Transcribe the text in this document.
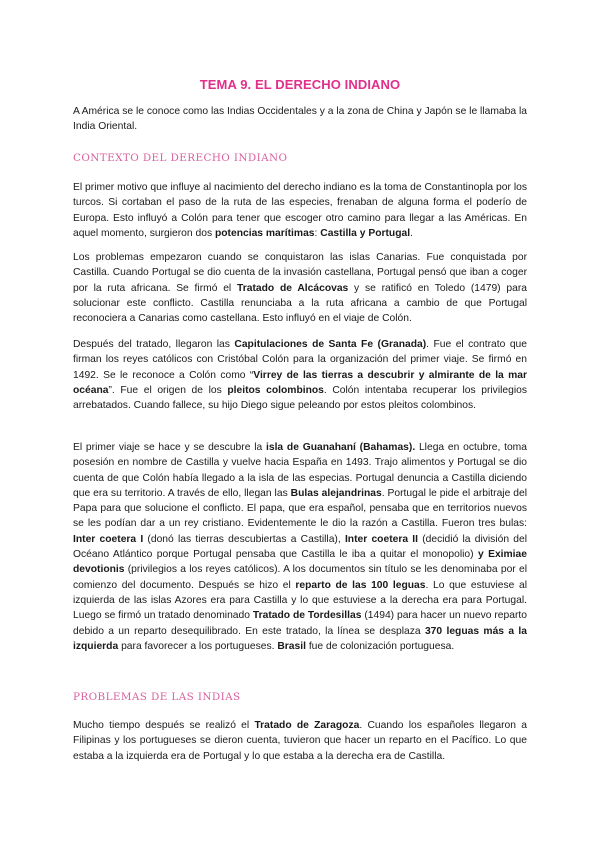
TEMA 9. EL DERECHO INDIANO

A América se le conoce como las Indias Occidentales y a la zona de China y Japón se le llamaba la India Oriental.

CONTEXTO DEL DERECHO INDIANO

El primer motivo que influye al nacimiento del derecho indiano es la toma de Constantinopla por los turcos. Si cortaban el paso de la ruta de las especies, frenaban de alguna forma el poderío de Europa. Esto influyó a Colón para tener que escoger otro camino para llegar a las Américas. En aquel momento, surgieron dos potencias marítimas: Castilla y Portugal.

Los problemas empezaron cuando se conquistaron las islas Canarias. Fue conquistada por Castilla. Cuando Portugal se dio cuenta de la invasión castellana, Portugal pensó que iban a coger por la ruta africana. Se firmó el Tratado de Alcácovas y se ratificó en Toledo (1479) para solucionar este conflicto. Castilla renunciaba a la ruta africana a cambio de que Portugal reconociera a Canarias como castellana. Esto influyó en el viaje de Colón.

Después del tratado, llegaron las Capitulaciones de Santa Fe (Granada). Fue el contrato que firman los reyes católicos con Cristóbal Colón para la organización del primer viaje. Se firmó en 1492. Se le reconoce a Colón como “Virrey de las tierras a descubrir y almirante de la mar océana”. Fue el origen de los pleitos colombinos. Colón intentaba recuperar los privilegios arrebatados. Cuando fallece, su hijo Diego sigue peleando por estos pleitos colombinos.

El primer viaje se hace y se descubre la isla de Guanahaní (Bahamas). Llega en octubre, toma posesión en nombre de Castilla y vuelve hacia España en 1493. Trajo alimentos y Portugal se dio cuenta de que Colón había llegado a la isla de las especias. Portugal denuncia a Castilla diciendo que era su territorio. A través de ello, llegan las Bulas alejandrinas. Portugal le pide el arbitraje del Papa para que solucione el conflicto. El papa, que era español, pensaba que en territorios nuevos se les podían dar a un rey cristiano. Evidentemente le dio la razón a Castilla. Fueron tres bulas: Inter coetera I (donó las tierras descubiertas a Castilla), Inter coetera II (decidió la división del Océano Atlántico porque Portugal pensaba que Castilla le iba a quitar el monopolio) y Eximiae devotionis (privilegios a los reyes católicos). A los documentos sin título se les denominaba por el comienzo del documento. Después se hizo el reparto de las 100 leguas. Lo que estuviese al izquierda de las islas Azores era para Castilla y lo que estuviese a la derecha era para Portugal. Luego se firmó un tratado denominado Tratado de Tordesillas (1494) para hacer un nuevo reparto debido a un reparto desequilibrado. En este tratado, la línea se desplaza 370 leguas más a la izquierda para favorecer a los portugueses. Brasil fue de colonización portuguesa.

PROBLEMAS DE LAS INDIAS

Mucho tiempo después se realizó el Tratado de Zaragoza. Cuando los españoles llegaron a Filipinas y los portugueses se dieron cuenta, tuvieron que hacer un reparto en el Pacífico. Lo que estaba a la izquierda era de Portugal y lo que estaba a la derecha era de Castilla.
